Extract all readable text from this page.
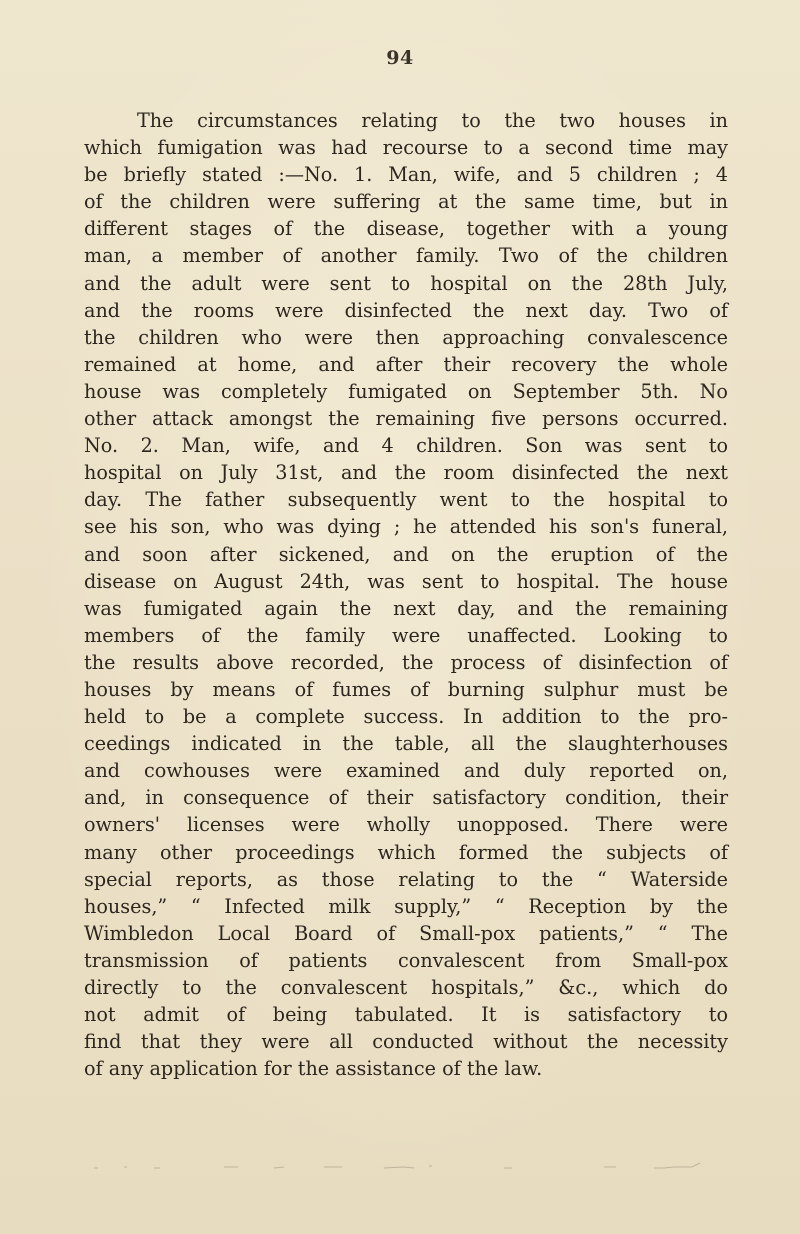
94
The circumstances relating to the two houses in
which fumigation was had recourse to a second time may
be briefly stated :—No. 1. Man, wife, and 5 children ; 4
of the children were suffering at the same time, but in
different stages of the disease, together with a young
man, a member of another family. Two of the children
and the adult were sent to hospital on the 28th July,
and the rooms were disinfected the next day. Two of
the children who were then approaching convalescence
remained at home, and after their recovery the whole
house was completely fumigated on September 5th. No
other attack amongst the remaining five persons occurred.
No. 2. Man, wife, and 4 children. Son was sent to
hospital on July 31st, and the room disinfected the next
day. The father subsequently went to the hospital to
see his son, who was dying ; he attended his son's funeral,
and soon after sickened, and on the eruption of the
disease on August 24th, was sent to hospital. The house
was fumigated again the next day, and the remaining
members of the family were unaffected. Looking to
the results above recorded, the process of disinfection of
houses by means of fumes of burning sulphur must be
held to be a complete success. In addition to the pro-
ceedings indicated in the table, all the slaughterhouses
and cowhouses were examined and duly reported on,
and, in consequence of their satisfactory condition, their
owners' licenses were wholly unopposed. There were
many other proceedings which formed the subjects of
special reports, as those relating to the “ Waterside
houses,” “ Infected milk supply,” “ Reception by the
Wimbledon Local Board of Small-pox patients,” “ The
transmission of patients convalescent from Small-pox
directly to the convalescent hospitals,” &c., which do
not admit of being tabulated. It is satisfactory to
find that they were all conducted without the necessity
of any application for the assistance of the law.
